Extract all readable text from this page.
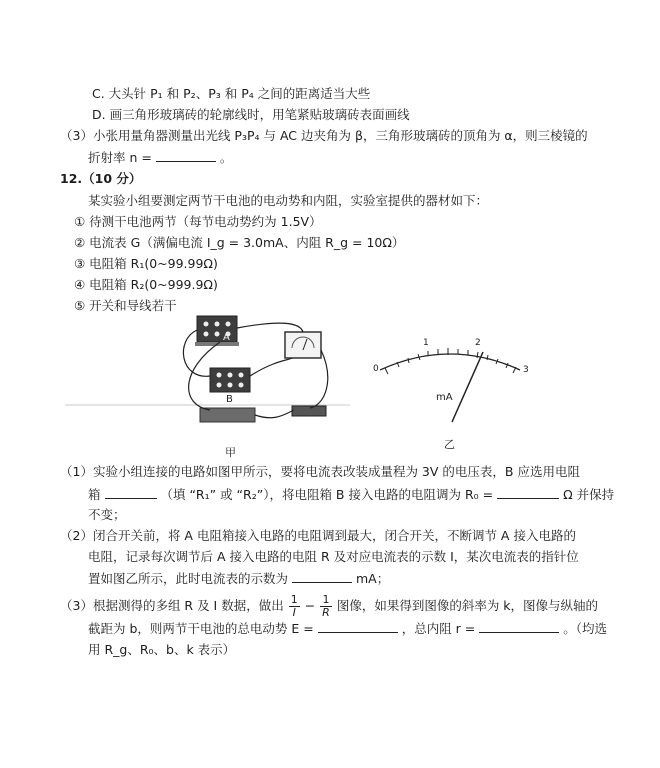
C. 大头针 P₁ 和 P₂、P₃ 和 P₄ 之间的距离适当大些
D. 画三角形玻璃砖的轮廓线时，用笔紧贴玻璃砖表面画线
（3）小张用量角器测量出光线 P₃P₄ 与 AC 边夹角为 β，三角形玻璃砖的顶角为 α，则三棱镜的
折射率 n =	。
12.（10 分）
某实验小组要测定两节干电池的电动势和内阻，实验室提供的器材如下：
① 待测干电池两节（每节电动势约为 1.5V）
② 电流表 G（满偏电流 I_g = 3.0mA、内阻 R_g = 10Ω）
③ 电阻箱 R₁(0~99.99Ω)
④ 电阻箱 R₂(0~999.9Ω)
⑤ 开关和导线若干
A
B
甲
0
1	2
3
mA
乙
（1）实验小组连接的电路如图甲所示，要将电流表改装成量程为 3V 的电压表，B 应选用电阻
箱	（填 “R₁” 或 “R₂”），将电阻箱 B 接入电路的电阻调为 R₀ =	Ω 并保持
不变；
（2）闭合开关前，将 A 电阻箱接入电路的电阻调到最大，闭合开关，不断调节 A 接入电路的
电阻，记录每次调节后 A 接入电路的电阻 R 及对应电流表的示数 I，某次电流表的指针位
置如图乙所示，此时电流表的示数为	mA；
（3）根据测得的多组 R 及 I 数据，做出 $\frac{1}{I} - \frac{1}{R}$ 图像，如果得到图像的斜率为 k，图像与纵轴的
截距为 b，则两节干电池的总电动势 E =	，总内阻 r =	。（均选
用 R_g、R₀、b、k 表示）
